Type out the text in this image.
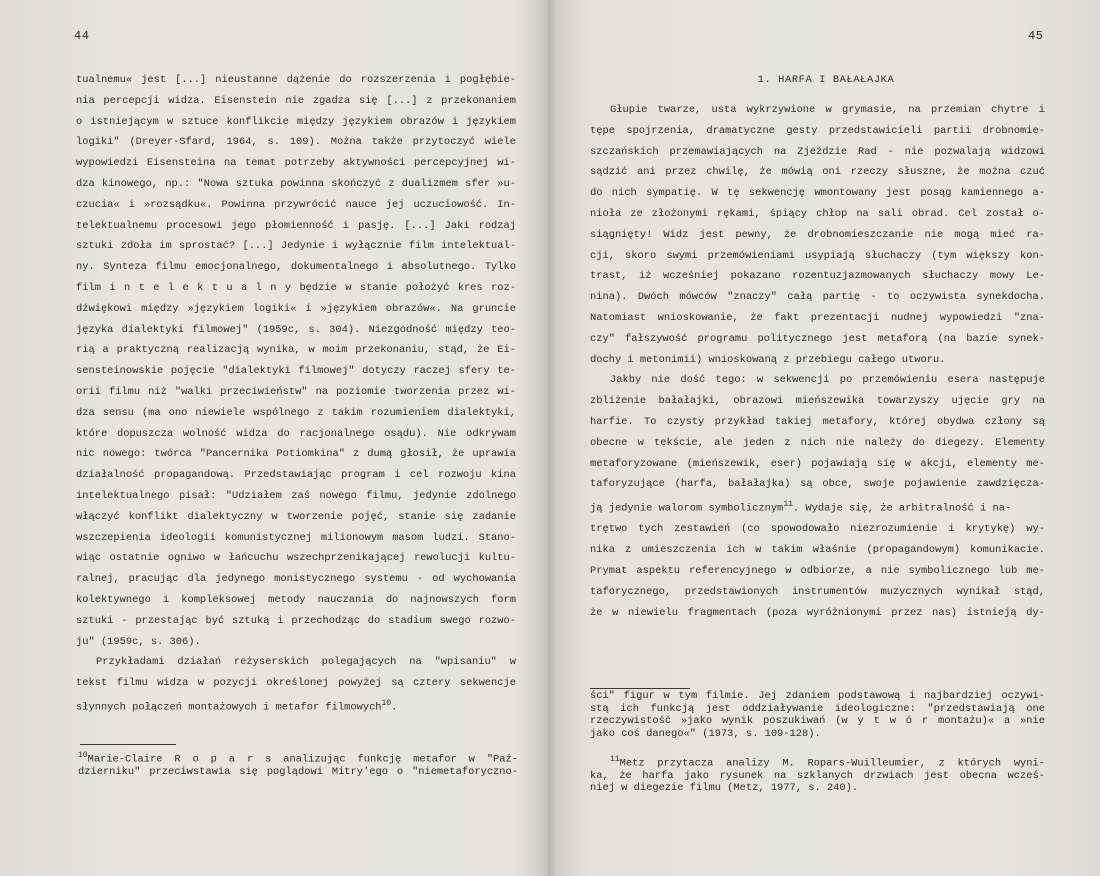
44
tualnemu« jest [...] nieustanne dążenie do rozszerzenia i pogłębie-
nia percepcji widza. Eisenstein nie zgadza się [...] z przekonaniem
o istniejącym w sztuce konflikcie między językiem obrazów i językiem
logiki" (Dreyer-Sfard, 1964, s. 109). Można także przytoczyć wiele
wypowiedzi Eisensteina na temat potrzeby aktywności percepcyjnej wi-
dza kinowego, np.: "Nowa sztuka powinna skończyć z dualizmem sfer »u-
czucia« i »rozsądku«. Powinna przywrócić nauce jej uczuciowość. In-
telektualnemu procesowi jego płomienność i pasję. [...] Jaki rodzaj
sztuki zdoła im sprostać? [...] Jedynie i wyłącznie film intelektual-
ny. Synteza filmu emocjonalnego, dokumentalnego i absolutnego. Tylko
film i n t e l e k t u a l n y będzie w stanie położyć kres roz-
dźwiękowi między »językiem logiki« i »językiem obrazów«. Na gruncie
języka dialektyki filmowej" (1959c, s. 304). Niezgodność między teo-
rią a praktyczną realizacją wynika, w moim przekonaniu, stąd, że Ei-
sensteinowskie pojęcie "dialektyki filmowej" dotyczy raczej sfery te-
orii filmu niż "walki przeciwieństw" na poziomie tworzenia przez wi-
dza sensu (ma ono niewiele wspólnego z takim rozumieniem dialektyki,
które dopuszcza wolność widza do racjonalnego osądu). Nie odkrywam
nic nowego: twórca "Pancernika Potiomkina" z dumą głosił, że uprawia
działalność propagandową. Przedstawiając program i cel rozwoju kina
intelektualnego pisał: "Udziałem zaś nowego filmu, jedynie zdolnego
włączyć konflikt dialektyczny w tworzenie pojęć, stanie się zadanie
wszczepienia ideologii komunistycznej milionowym masom ludzi. Stano-
wiąc ostatnie ogniwo w łańcuchu wszechprzenikającej rewolucji kultu-
ralnej, pracując dla jedynego monistycznego systemu - od wychowania
kolektywnego i kompleksowej metody nauczania do najnowszych form
sztuki - przestając być sztuką i przechodząc do stadium swego rozwo-
ju" (1959c, s. 306).
Przykładami działań reżyserskich polegających na "wpisaniu" w
tekst filmu widza w pozycji określonej powyżej są cztery sekwencje
słynnych połączeń montażowych i metafor filmowych$^{10}$.
$^{10}$Marie-Claire R o p a r s analizując funkcję metafor w "Paź-
dzierniku" przeciwstawia się poglądowi Mitry'ego o "niemetaforyczno-
45
1. HARFA I BAŁAŁAJKA
Głupie twarze, usta wykrzywione w grymasie, na przemian chytre i
tępe spojrzenia, dramatyczne gesty przedstawicieli partii drobnomie-
szczańskich przemawiających na Zjeździe Rad - nie pozwalają widzowi
sądzić ani przez chwilę, że mówią oni rzeczy słuszne, że można czuć
do nich sympatię. W tę sekwencję wmontowany jest posąg kamiennego a-
nioła ze złożonymi rękami, śpiący chłop na sali obrad. Cel został o-
siągnięty! Widz jest pewny, że drobnomieszczanie nie mogą mieć ra-
cji, skoro swymi przemówieniami usypiają słuchaczy (tym większy kon-
trast, iż wcześniej pokazano rozentuzjazmowanych słuchaczy mowy Le-
nina). Dwóch mówców "znaczy" całą partię - to oczywista synekdocha.
Natomiast wnioskowanie, że fakt prezentacji nudnej wypowiedzi "zna-
czy" fałszywość programu politycznego jest metaforą (na bazie synek-
dochy i metonimii) wnioskowaną z przebiegu całego utworu.
Jakby nie dość tego: w sekwencji po przemówieniu eserа następuje
zbliżenie bałałajki, obrazowi mieńszewika towarzyszy ujęcie gry na
harfie. To czysty przykład takiej metafory, której obydwa człony są
obecne w tekście, ale jeden z nich nie należy do diegezy. Elementy
metaforyzowane (mieńszewik, eser) pojawiają się w akcji, elementy me-
taforyzujące (harfa, bałałajka) są obce, swoje pojawienie zawdzięcza-
ją jedynie walorom symbolicznym$^{11}$. Wydaje się, że arbitralność i na-
trętwo tych zestawień (co spowodowało niezrozumienie i krytykę) wy-
nika z umieszczenia ich w takim właśnie (propagandowym) komunikacie.
Prymat aspektu referencyjnego w odbiorze, a nie symbolicznego lub me-
taforycznego, przedstawionych instrumentów muzycznych wynikał stąd,
że w niewielu fragmentach (poza wyróżnionymi przez nas) istnieją dy-
ści" figur w tym filmie. Jej zdaniem podstawową i najbardziej oczywi-
stą ich funkcją jest oddziaływanie ideologiczne: "przedstawiają one
rzeczywistość »jako wynik poszukiwań (w y t w ó r montażu)« a »nie
jako coś danego«" (1973, s. 109-128).
$^{11}$Metz przytacza analizy M. Ropars-Wuilleumier, z których wyni-
ka, że harfa jako rysunek na szklanych drzwiach jest obecna wcześ-
niej w diegezie filmu (Metz, 1977, s. 240).
